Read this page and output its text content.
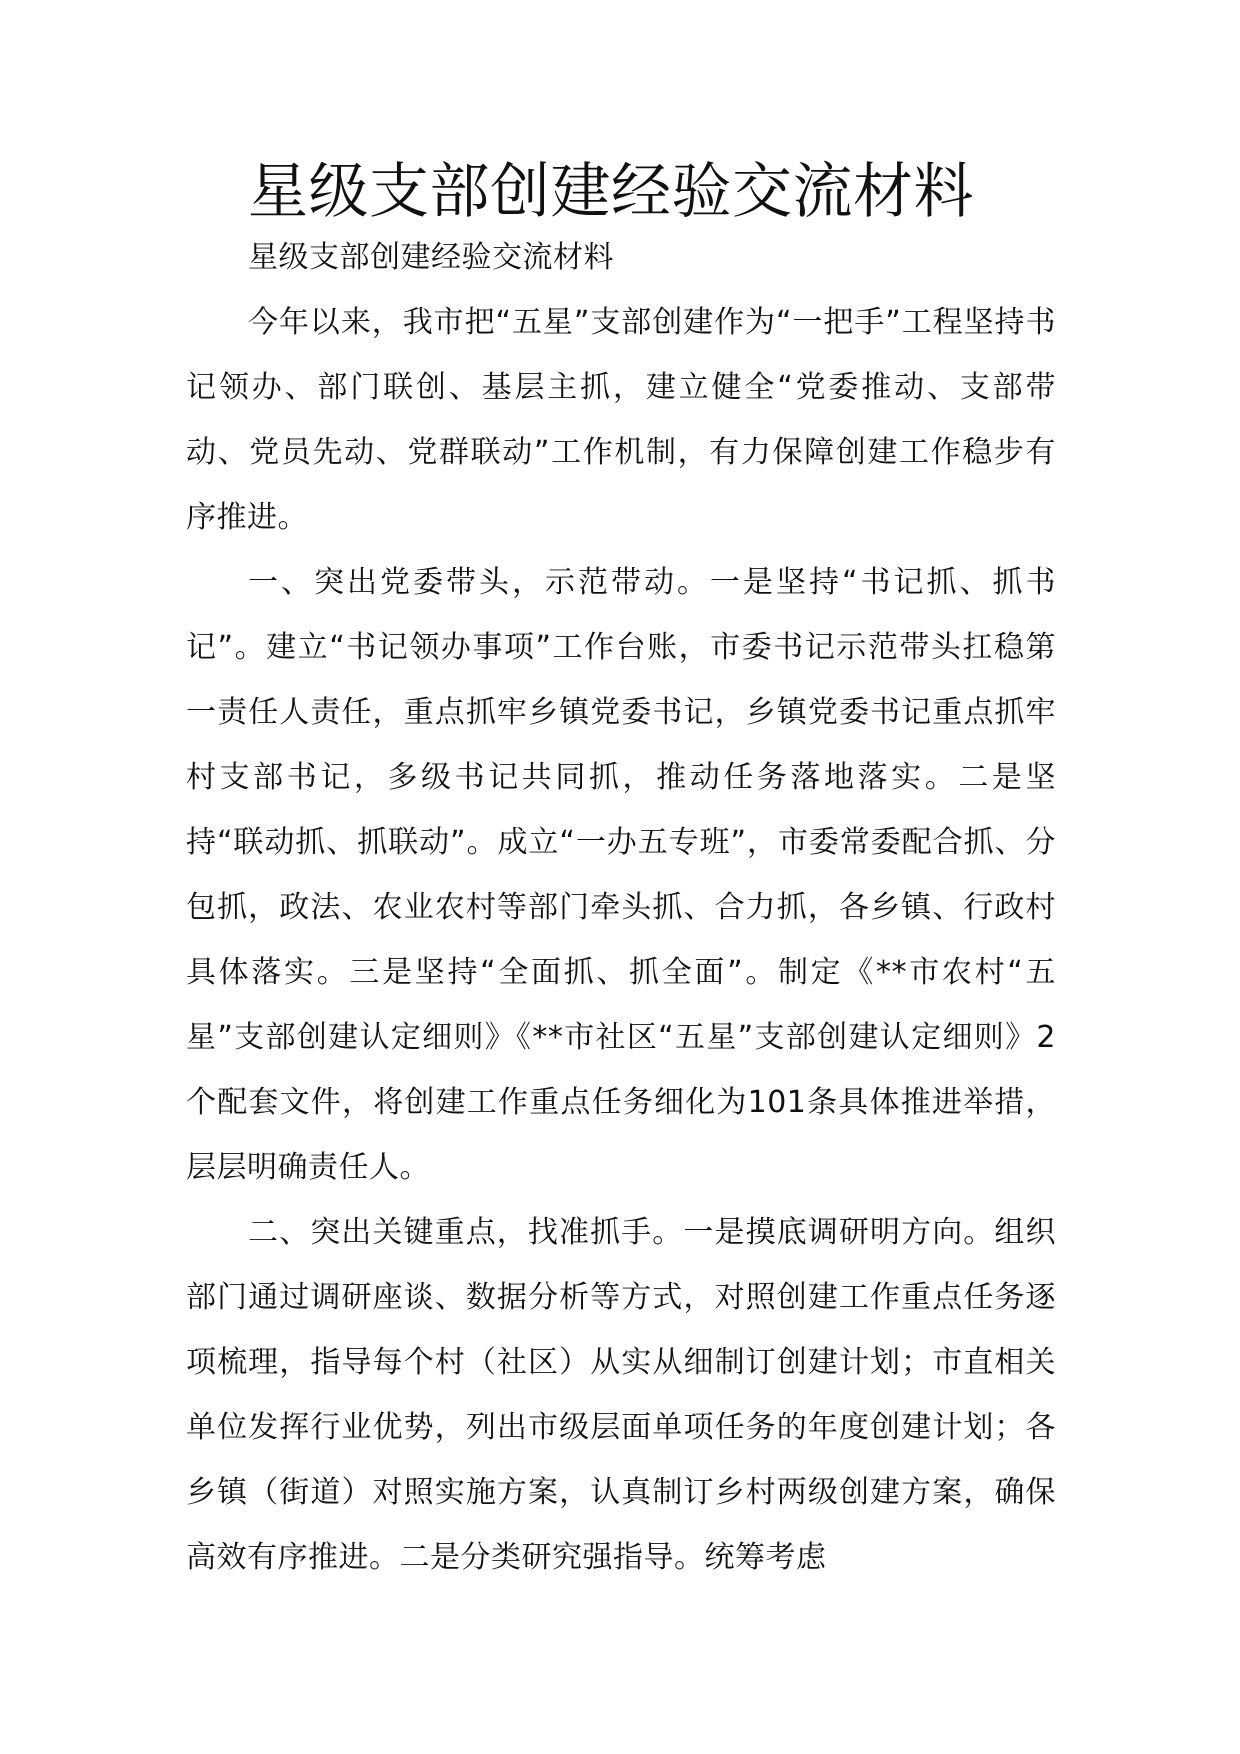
星级支部创建经验交流材料

星级支部创建经验交流材料

今年以来，我市把“五星”支部创建作为“一把手”工程坚持书记领办、部门联创、基层主抓，建立健全“党委推动、支部带动、党员先动、党群联动”工作机制，有力保障创建工作稳步有序推进。

一、突出党委带头，示范带动。一是坚持“书记抓、抓书记”。建立“书记领办事项”工作台账，市委书记示范带头扛稳第一责任人责任，重点抓牢乡镇党委书记，乡镇党委书记重点抓牢村支部书记，多级书记共同抓，推动任务落地落实。二是坚持“联动抓、抓联动”。成立“一办五专班”，市委常委配合抓、分包抓，政法、农业农村等部门牵头抓、合力抓，各乡镇、行政村具体落实。三是坚持“全面抓、抓全面”。制定《**市农村“五星”支部创建认定细则》《**市社区“五星”支部创建认定细则》2个配套文件，将创建工作重点任务细化为101条具体推进举措，层层明确责任人。

二、突出关键重点，找准抓手。一是摸底调研明方向。组织部门通过调研座谈、数据分析等方式，对照创建工作重点任务逐项梳理，指导每个村（社区）从实从细制订创建计划；市直相关单位发挥行业优势，列出市级层面单项任务的年度创建计划；各乡镇（街道）对照实施方案，认真制订乡村两级创建方案，确保高效有序推进。二是分类研究强指导。统筹考虑
